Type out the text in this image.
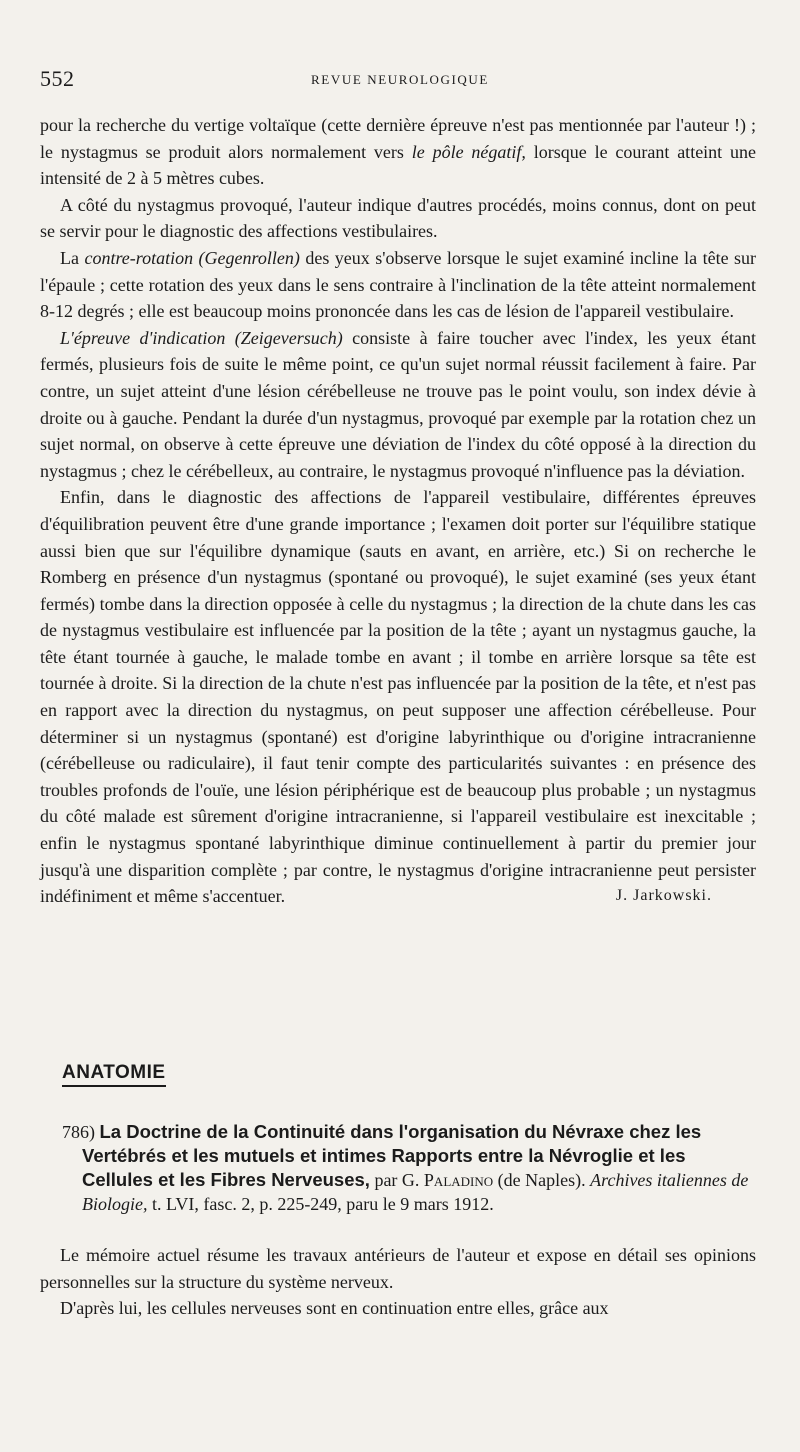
552	REVUE NEUROLOGIQUE

pour la recherche du vertige voltaïque (cette dernière épreuve n'est pas mentionnée par l'auteur !) ; le nystagmus se produit alors normalement vers le pôle négatif, lorsque le courant atteint une intensité de 2 à 5 mètres cubes.

A côté du nystagmus provoqué, l'auteur indique d'autres procédés, moins connus, dont on peut se servir pour le diagnostic des affections vestibulaires.

La contre-rotation (Gegenrollen) des yeux s'observe lorsque le sujet examiné incline la tête sur l'épaule ; cette rotation des yeux dans le sens contraire à l'inclination de la tête atteint normalement 8-12 degrés ; elle est beaucoup moins prononcée dans les cas de lésion de l'appareil vestibulaire.

L'épreuve d'indication (Zeigeversuch) consiste à faire toucher avec l'index, les yeux étant fermés, plusieurs fois de suite le même point, ce qu'un sujet normal réussit facilement à faire. Par contre, un sujet atteint d'une lésion cérébelleuse ne trouve pas le point voulu, son index dévie à droite ou à gauche. Pendant la durée d'un nystagmus, provoqué par exemple par la rotation chez un sujet normal, on observe à cette épreuve une déviation de l'index du côté opposé à la direction du nystagmus ; chez le cérébelleux, au contraire, le nystagmus provoqué n'influence pas la déviation.

Enfin, dans le diagnostic des affections de l'appareil vestibulaire, différentes épreuves d'équilibration peuvent être d'une grande importance ; l'examen doit porter sur l'équilibre statique aussi bien que sur l'équilibre dynamique (sauts en avant, en arrière, etc.) Si on recherche le Romberg en présence d'un nystagmus (spontané ou provoqué), le sujet examiné (ses yeux étant fermés) tombe dans la direction opposée à celle du nystagmus ; la direction de la chute dans les cas de nystagmus vestibulaire est influencée par la position de la tête ; ayant un nystagmus gauche, la tête étant tournée à gauche, le malade tombe en avant ; il tombe en arrière lorsque sa tête est tournée à droite. Si la direction de la chute n'est pas influencée par la position de la tête, et n'est pas en rapport avec la direction du nystagmus, on peut supposer une affection cérébelleuse. Pour déterminer si un nystagmus (spontané) est d'origine labyrinthique ou d'origine intracranienne (cérébelleuse ou radiculaire), il faut tenir compte des particularités suivantes : en présence des troubles profonds de l'ouïe, une lésion périphérique est de beaucoup plus probable ; un nystagmus du côté malade est sûrement d'origine intracranienne, si l'appareil vestibulaire est inexcitable ; enfin le nystagmus spontané labyrinthique diminue continuellement à partir du premier jour jusqu'à une disparition complète ; par contre, le nystagmus d'origine intracranienne peut persister indéfiniment et même s'accentuer.	J. Jarkowski.

ANATOMIE

786) La Doctrine de la Continuité dans l'organisation du Névraxe chez les Vertébrés et les mutuels et intimes Rapports entre la Névroglie et les Cellules et les Fibres Nerveuses, par G. Paladino (de Naples). Archives italiennes de Biologie, t. LVI, fasc. 2, p. 225-249, paru le 9 mars 1912.

Le mémoire actuel résume les travaux antérieurs de l'auteur et expose en détail ses opinions personnelles sur la structure du système nerveux.

D'après lui, les cellules nerveuses sont en continuation entre elles, grâce aux
